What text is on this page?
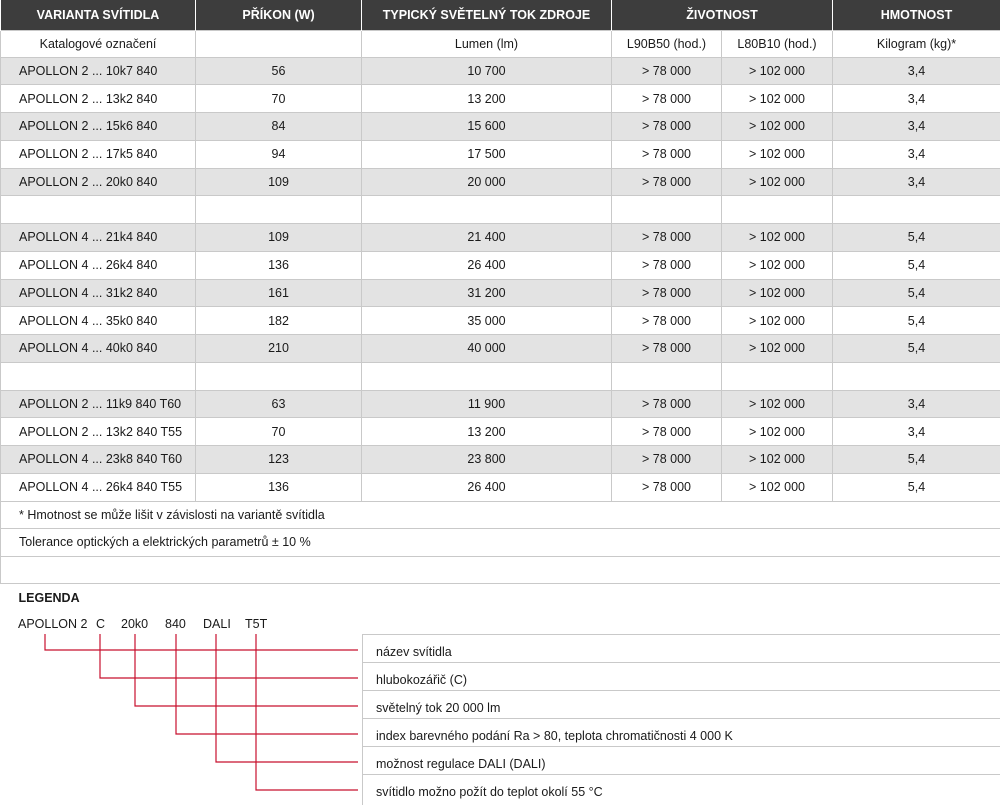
VARIANTA SVÍTIDLA	PŘÍKON (W)	TYPICKÝ SVĚTELNÝ TOK ZDROJE	ŽIVOTNOST		HMOTNOST
Katalogové označení		Lumen (lm)	L90B50 (hod.)	L80B10 (hod.)	Kilogram (kg)*
APOLLON 2 ... 10k7 840	56	10 700	> 78 000	> 102 000	3,4
APOLLON 2 ... 13k2 840	70	13 200	> 78 000	> 102 000	3,4
APOLLON 2 ... 15k6 840	84	15 600	> 78 000	> 102 000	3,4
APOLLON 2 ... 17k5 840	94	17 500	> 78 000	> 102 000	3,4
APOLLON 2 ... 20k0 840	109	20 000	> 78 000	> 102 000	3,4

APOLLON 4 ... 21k4 840	109	21 400	> 78 000	> 102 000	5,4
APOLLON 4 ... 26k4 840	136	26 400	> 78 000	> 102 000	5,4
APOLLON 4 ... 31k2 840	161	31 200	> 78 000	> 102 000	5,4
APOLLON 4 ... 35k0 840	182	35 000	> 78 000	> 102 000	5,4
APOLLON 4 ... 40k0 840	210	40 000	> 78 000	> 102 000	5,4

APOLLON 2 ... 11k9 840 T60	63	11 900	> 78 000	> 102 000	3,4
APOLLON 2 ... 13k2 840 T55	70	13 200	> 78 000	> 102 000	3,4
APOLLON 4 ... 23k8 840 T60	123	23 800	> 78 000	> 102 000	5,4
APOLLON 4 ... 26k4 840 T55	136	26 400	> 78 000	> 102 000	5,4
* Hmotnost se může lišit v závislosti na variantě svítidla					
Tolerance optických a elektrických parametrů ± 10 %					

LEGENDA					
APOLLON 2 C 20k0 840 DALI T5T
název svítidla
hlubokozářič (C)
světelný tok 20 000 lm
index barevného podání Ra > 80, teplota chromatičnosti 4 000 K
možnost regulace DALI (DALI)
svítidlo možno požít do teplot okolí 55 °C
